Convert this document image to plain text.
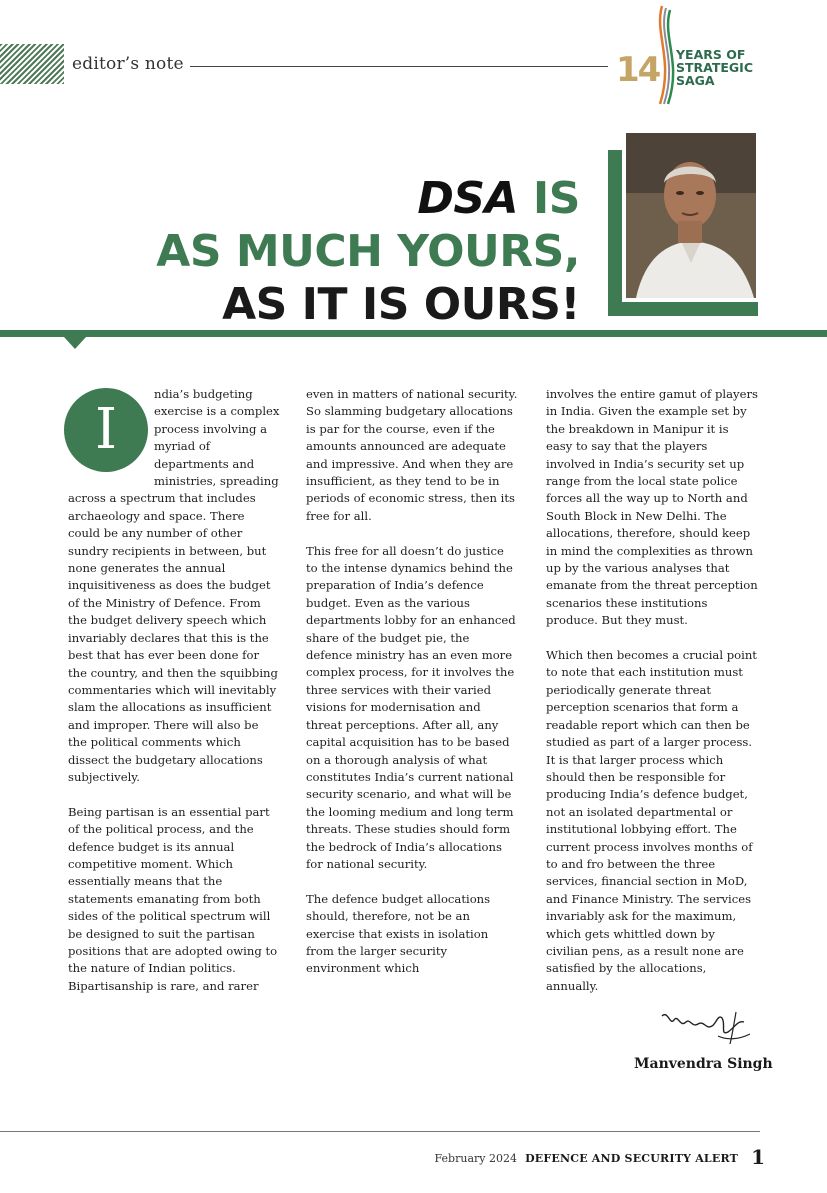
editor’s note	14 YEARS OF
STRATEGIC
SAGA
DSA IS
AS MUCH YOURS,
AS IT IS OURS!

I
ndia’s budgeting exercise is a complex process involving a myriad of departments and ministries, spreading across a spectrum that includes archaeology and space. There could be any number of other sundry recipients in between, but none generates the annual inquisitiveness as does the budget of the Ministry of Defence. From the budget delivery speech which invariably declares that this is the best that has ever been done for the country, and then the squibbing commentaries which will inevitably slam the allocations as insufficient and improper. There will also be the political comments which dissect the budgetary allocations subjectively.

Being partisan is an essential part of the political process, and the defence budget is its annual competitive moment. Which essentially means that the statements emanating from both sides of the political spectrum will be designed to suit the partisan positions that are adopted owing to the nature of Indian politics. Bipartisanship is rare, and rarer

even in matters of national security. So slamming budgetary allocations is par for the course, even if the amounts announced are adequate and impressive. And when they are insufficient, as they tend to be in periods of economic stress, then its free for all.

This free for all doesn’t do justice to the intense dynamics behind the preparation of India’s defence budget. Even as the various departments lobby for an enhanced share of the budget pie, the defence ministry has an even more complex process, for it involves the three services with their varied visions for modernisation and threat perceptions. After all, any capital acquisition has to be based on a thorough analysis of what constitutes India’s current national security scenario, and what will be the looming medium and long term threats. These studies should form the bedrock of India’s allocations for national security.

The defence budget allocations should, therefore, not be an exercise that exists in isolation from the larger security environment which

involves the entire gamut of players in India. Given the example set by the breakdown in Manipur it is easy to say that the players involved in India’s security set up range from the local state police forces all the way up to North and South Block in New Delhi. The allocations, therefore, should keep in mind the complexities as thrown up by the various analyses that emanate from the threat perception scenarios these institutions produce. But they must.

Which then becomes a crucial point to note that each institution must periodically generate threat perception scenarios that form a readable report which can then be studied as part of a larger process. It is that larger process which should then be responsible for producing India’s defence budget, not an isolated departmental or institutional lobbying effort. The current process involves months of to and fro between the three services, financial section in MoD, and Finance Ministry. The services invariably ask for the maximum, which gets whittled down by civilian pens, as a result none are satisfied by the allocations, annually.

Manvendra Singh
February 2024 DEFENCE AND SECURITY ALERT 1
